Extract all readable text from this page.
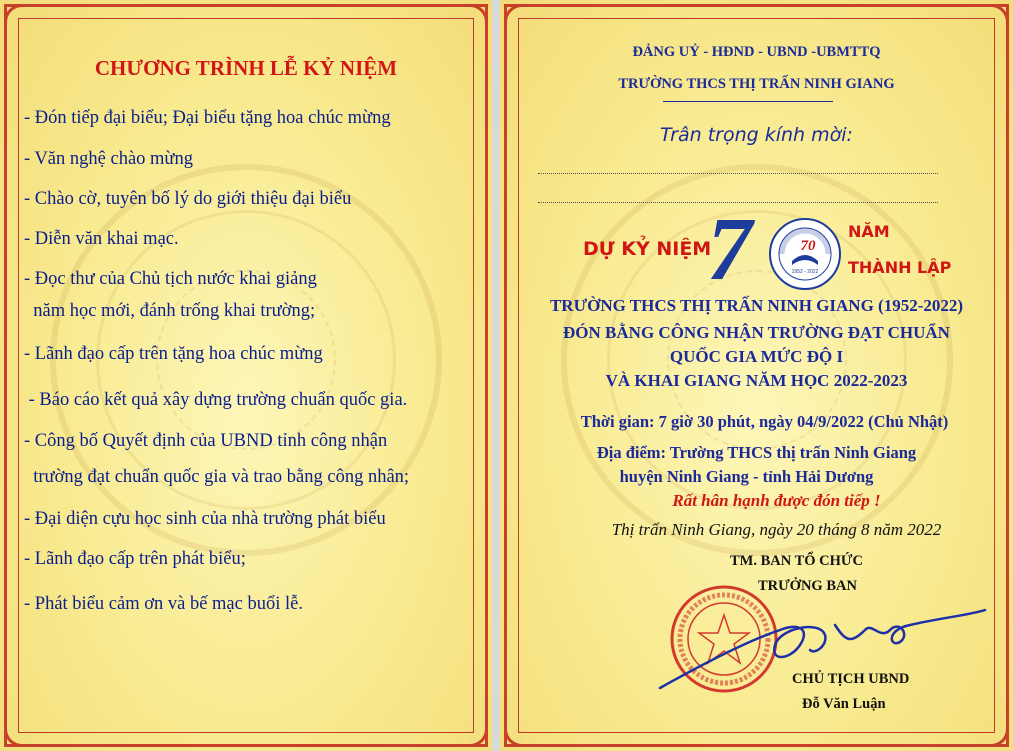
CHƯƠNG TRÌNH LỄ KỶ NIỆM
- Đón tiếp đại biểu; Đại biểu tặng hoa chúc mừng
- Văn nghệ chào mừng
- Chào cờ, tuyên bố lý do giới thiệu đại biểu
- Diễn văn khai mạc.
- Đọc thư của Chủ tịch nước khai giảng
năm học mới, đánh trống khai trường;
- Lãnh đạo cấp trên tặng hoa chúc mừng
- Báo cáo kết quả xây dựng trường chuẩn quốc gia.
- Công bố Quyết định của UBND tỉnh công nhận
trường đạt chuẩn quốc gia và trao bằng công nhân;
- Đại diện cựu học sinh của nhà trường phát biểu
- Lãnh đạo cấp trên phát biểu;
- Phát biểu cảm ơn và bế mạc buổi lễ.
ĐẢNG UỶ - HĐND - UBND -UBMTTQ
TRƯỜNG THCS THỊ TRẤN NINH GIANG
Trân trọng kính mời:
DỰ KỶ NIỆM
7	70
1952 - 2022
NĂM
THÀNH LẬP
TRƯỜNG THCS THỊ TRẤN NINH GIANG (1952-2022)
ĐÓN BẰNG CÔNG NHẬN TRƯỜNG ĐẠT CHUẨN
QUỐC GIA MỨC ĐỘ I
VÀ KHAI GIANG NĂM HỌC 2022-2023
Thời gian: 7 giờ 30 phút, ngày 04/9/2022 (Chủ Nhật)
Địa điểm: Trường THCS thị trấn Ninh Giang
huyện Ninh Giang - tỉnh Hải Dương
Rất hân hạnh được đón tiếp !
Thị trấn Ninh Giang, ngày 20 tháng 8 năm 2022
TM. BAN TỔ CHỨC
TRƯỞNG BAN
CHỦ TỊCH UBND
Đỗ Văn Luận
